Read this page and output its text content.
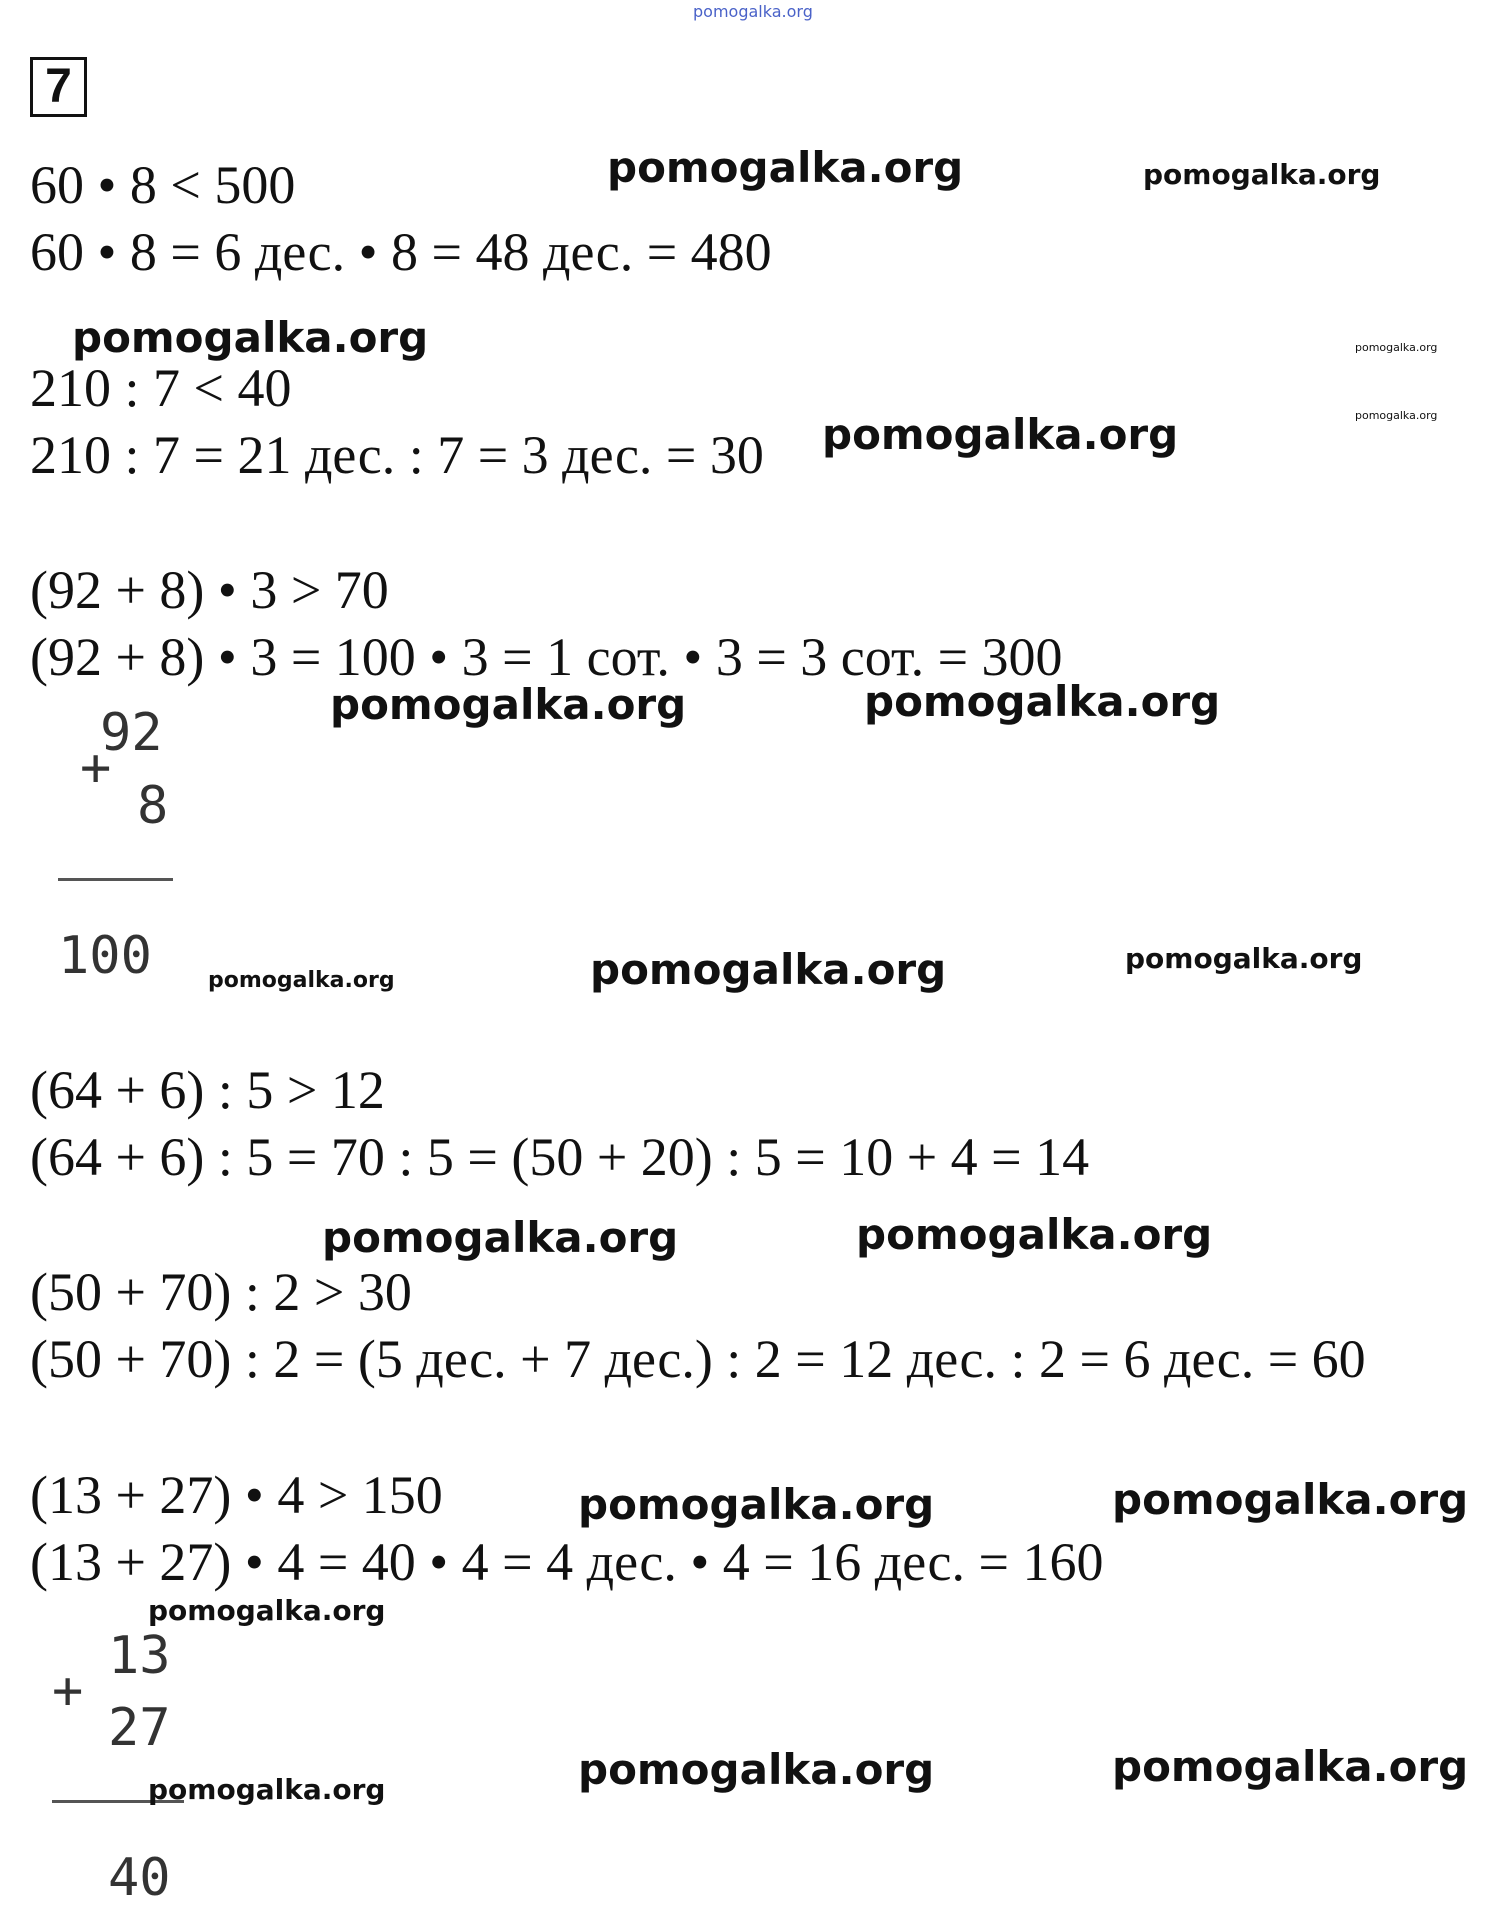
pomogalka.org
7
60 • 8 < 500
60 • 8 = 6 дес. • 8 = 48 дес. = 480
210 : 7 < 40
210 : 7 = 21 дес. : 7 = 3 дес. = 30
(92 + 8) • 3 > 70
(92 + 8) • 3 = 100 • 3 = 1 сот. • 3 = 3 сот. = 300
+
92
8
100
(64 + 6) : 5 > 12
(64 + 6) : 5 = 70 : 5 = (50 + 20) : 5 = 10 + 4 = 14
(50 + 70) : 2 > 30
(50 + 70) : 2 = (5 дес. + 7 дес.) : 2 = 12 дес. : 2 = 6 дес. = 60
(13 + 27) • 4 > 150
(13 + 27) • 4 = 40 • 4 = 4 дес. • 4 = 16 дес. = 160
+
13
27
40
pomogalka.org	pomogalka.org
pomogalka.org	pomogalka.org
pomogalka.org	pomogalka.org
pomogalka.org	pomogalka.org
pomogalka.org	pomogalka.org	pomogalka.org
pomogalka.org	pomogalka.org
pomogalka.org	pomogalka.org
pomogalka.org
pomogalka.org	pomogalka.org
pomogalka.org
